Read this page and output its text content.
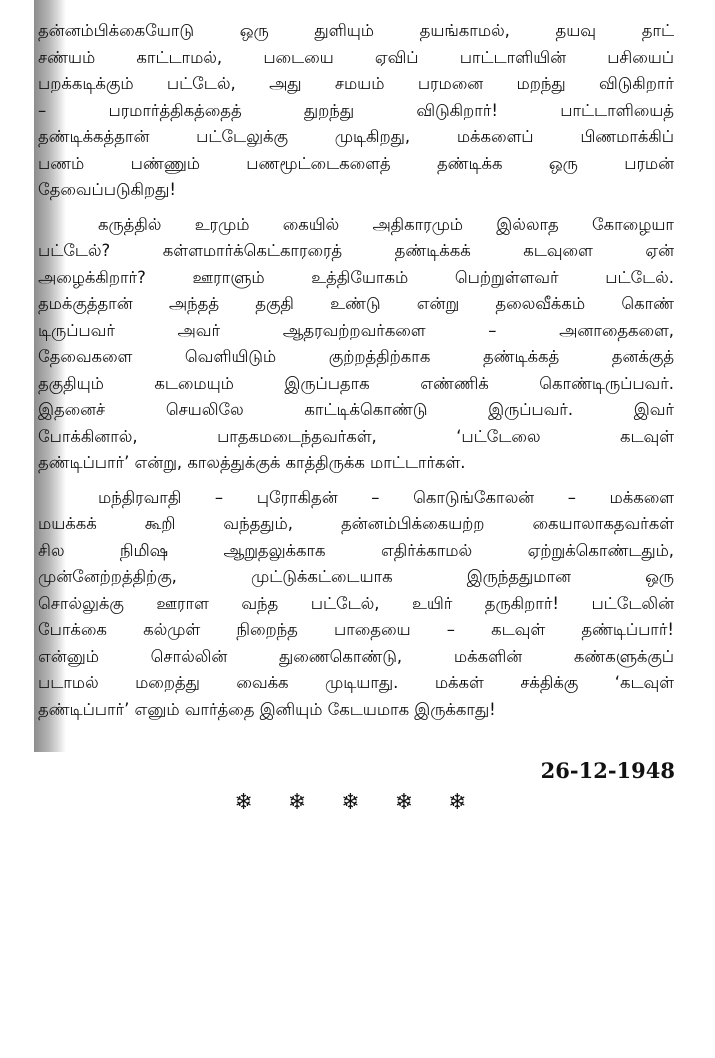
தன்னம்பிக்கையோடு ஒரு துளியும் தயங்காமல், தயவு தாட்
சண்யம் காட்டாமல், படையை ஏவிப் பாட்டாளியின் பசியைப்
பறக்கடிக்கும் பட்டேல், அது சமயம் பரமனை மறந்து விடுகிறார்
– பரமார்த்திகத்தைத் துறந்து விடுகிறார்! பாட்டாளியைத்
தண்டிக்கத்தான் பட்டேலுக்கு முடிகிறது, மக்களைப் பிணமாக்கிப்
பணம் பண்ணும் பணமூட்டைகளைத் தண்டிக்க ஒரு பரமன்
தேவைப்படுகிறது!

கருத்தில் உரமும் கையில் அதிகாரமும் இல்லாத கோழையா
பட்டேல்? கள்ளமார்க்கெட்காரரைத் தண்டிக்கக் கடவுளை ஏன்
அழைக்கிறார்? ஊராளும் உத்தியோகம் பெற்றுள்ளவர் பட்டேல்.
தமக்குத்தான் அந்தத் தகுதி உண்டு என்று தலைவீக்கம் கொண்
டிருப்பவர் அவர் ஆதரவற்றவர்களை – அனாதைகளை,
தேவைகளை வெளியிடும் குற்றத்திற்காக தண்டிக்கத் தனக்குத்
தகுதியும் கடமையும் இருப்பதாக எண்ணிக் கொண்டிருப்பவர்.
இதனைச் செயலிலே காட்டிக்கொண்டு இருப்பவர். இவர்
போக்கினால், பாதகமடைந்தவர்கள், ‘பட்டேலை கடவுள்
தண்டிப்பார்’ என்று, காலத்துக்குக் காத்திருக்க மாட்டார்கள்.

மந்திரவாதி – புரோகிதன் – கொடுங்கோலன் – மக்களை
மயக்கக் கூறி வந்ததும், தன்னம்பிக்கையற்ற கையாலாகதவர்கள்
சில நிமிஷ ஆறுதலுக்காக எதிர்க்காமல் ஏற்றுக்கொண்டதும்,
முன்னேற்றத்திற்கு, முட்டுக்கட்டையாக இருந்ததுமான ஒரு
சொல்லுக்கு ஊராள வந்த பட்டேல், உயிர் தருகிறார்! பட்டேலின்
போக்கை கல்முள் நிறைந்த பாதையை – கடவுள் தண்டிப்பார்!
என்னும் சொல்லின் துணைகொண்டு, மக்களின் கண்களுக்குப்
படாமல் மறைத்து வைக்க முடியாது. மக்கள் சக்திக்கு ‘கடவுள்
தண்டிப்பார்’ எனும் வார்த்தை இனியும் கேடயமாக இருக்காது!

26-12-1948
❄ ❄ ❄ ❄ ❄
